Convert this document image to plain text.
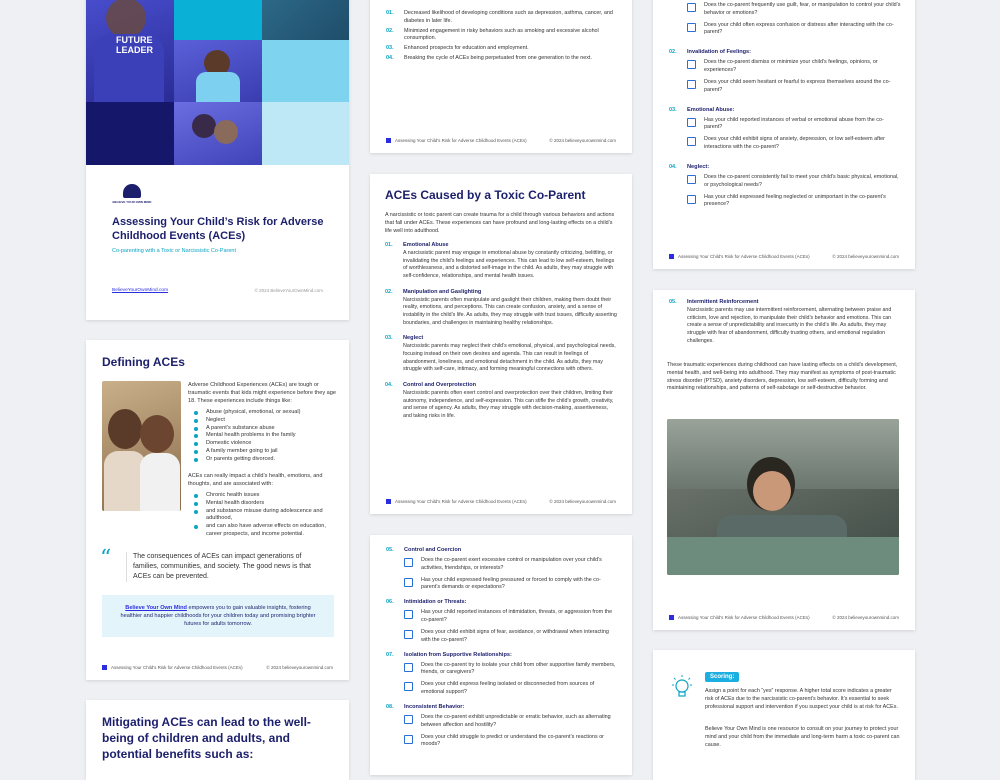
FUTURE LEADER
BELIEVE YOUR OWN MIND
Assessing Your Child’s Risk for Adverse Childhood Events (ACEs)
Co-parenting with a Toxic or Narcissistic Co-Parent
BelieveYourOwnMind.com	© 2024 BelieveYourOwnMind.com
Defining ACEs
Adverse Childhood Experiences (ACEs) are tough or traumatic events that kids might experience before they age 18. These experiences include things like:
Abuse (physical, emotional, or sexual)
Neglect
A parent’s substance abuse
Mental health problems in the family
Domestic violence
A family member going to jail
Or parents getting divorced.
ACEs can really impact a child’s health, emotions, and thoughts, and are associated with:
Chronic health issues
Mental health disorders
and substance misuse during adolescence and adulthood,
and can also have adverse effects on education, career prospects, and income potential.
“	The consequences of ACEs can impact generations of families, communities, and society. The good news is that ACEs can be prevented.
Believe Your Own Mind empowers you to gain valuable insights, fostering healthier and happier childhoods for your children today and promising brighter futures for adults tomorrow.
Assessing Your Child's Risk for Adverse Childhood Events (ACEs)	© 2024 believeyourownmind.com
Mitigating ACEs can lead to the well-being of children and adults, and potential benefits such as:
01.	Decreased likelihood of developing conditions such as depression, asthma, cancer, and diabetes in later life.
02.	Minimized engagement in risky behaviors such as smoking and excessive alcohol consumption.
03.	Enhanced prospects for education and employment.
04.	Breaking the cycle of ACEs being perpetuated from one generation to the next.
Assessing Your Child's Risk for Adverse Childhood Events (ACEs)	© 2024 believeyourownmind.com
ACEs Caused by a Toxic Co-Parent
A narcissistic or toxic parent can create trauma for a child through various behaviors and actions that fall under ACEs. These experiences can have profound and long-lasting effects on a child’s life well into adulthood.
01.	Emotional Abuse
A narcissistic parent may engage in emotional abuse by constantly criticizing, belittling, or invalidating the child’s feelings and experiences. This can lead to low self-esteem, feelings of worthlessness, and a distorted self-image in the child. As adults, they may struggle with self-confidence, relationships, and mental health issues.
02.	Manipulation and Gaslighting
Narcissistic parents often manipulate and gaslight their children, making them doubt their reality, emotions, and perceptions. This can create confusion, anxiety, and a sense of instability in the child’s life. As adults, they may struggle with trust issues, difficulty asserting boundaries, and challenges in maintaining healthy relationships.
03.	Neglect
Narcissistic parents may neglect their child’s emotional, physical, and psychological needs, focusing instead on their own desires and agenda. This can result in feelings of abandonment, loneliness, and emotional detachment in the child. As adults, they may struggle with self-care, intimacy, and forming meaningful connections with others.
04.	Control and Overprotection
Narcissistic parents often exert control and overprotection over their children, limiting their autonomy, independence, and self-expression. This can stifle the child’s growth, creativity, and sense of agency. As adults, they may struggle with decision-making, assertiveness, and taking risks in life.
Assessing Your Child's Risk for Adverse Childhood Events (ACEs)	© 2024 believeyourownmind.com
05.	Control and Coercion
Does the co-parent exert excessive control or manipulation over your child’s activities, friendships, or interests?
Has your child expressed feeling pressured or forced to comply with the co-parent’s demands or expectations?
06.	Intimidation or Threats:
Has your child reported instances of intimidation, threats, or aggression from the co-parent?
Does your child exhibit signs of fear, avoidance, or withdrawal when interacting with the co-parent?
07.	Isolation from Supportive Relationships:
Does the co-parent try to isolate your child from other supportive family members, friends, or caregivers?
Does your child express feeling isolated or disconnected from sources of emotional support?
08.	Inconsistent Behavior:
Does the co-parent exhibit unpredictable or erratic behavior, such as alternating between affection and hostility?
Does your child struggle to predict or understand the co-parent’s reactions or moods?
Does the co-parent frequently use guilt, fear, or manipulation to control your child’s behavior or emotions?
Does your child often express confusion or distress after interacting with the co-parent?
02.	Invalidation of Feelings:
Does the co-parent dismiss or minimize your child’s feelings, opinions, or experiences?
Does your child seem hesitant or fearful to express themselves around the co-parent?
03.	Emotional Abuse:
Has your child reported instances of verbal or emotional abuse from the co-parent?
Does your child exhibit signs of anxiety, depression, or low self-esteem after interactions with the co-parent?
04.	Neglect:
Does the co-parent consistently fail to meet your child’s basic physical, emotional, or psychological needs?
Has your child expressed feeling neglected or unimportant in the co-parent’s presence?
Assessing Your Child's Risk for Adverse Childhood Events (ACEs)	© 2024 believeyourownmind.com
05.	Intermittent Reinforcement
Narcissistic parents may use intermittent reinforcement, alternating between praise and criticism, love and rejection, to manipulate their child’s behavior and emotions. This can create a sense of unpredictability and insecurity in the child’s life. As adults, they may struggle with fear of abandonment, difficulty trusting others, and emotional regulation challenges.
These traumatic experiences during childhood can have lasting effects on a child’s development, mental health, and well-being into adulthood. They may manifest as symptoms of post-traumatic stress disorder (PTSD), anxiety disorders, depression, low self-esteem, difficulty forming and maintaining relationships, and patterns of self-sabotage or self-destructive behavior.
Assessing Your Child's Risk for Adverse Childhood Events (ACEs)	© 2024 believeyourownmind.com
Scoring:
Assign a point for each “yes” response. A higher total score indicates a greater risk of ACEs due to the narcissistic co-parent’s behavior. It’s essential to seek professional support and intervention if you suspect your child is at risk for ACEs.
Believe Your Own Mind is one resource to consult on your journey to protect your mind and your child from the immediate and long-term harm a toxic co-parent can cause.
